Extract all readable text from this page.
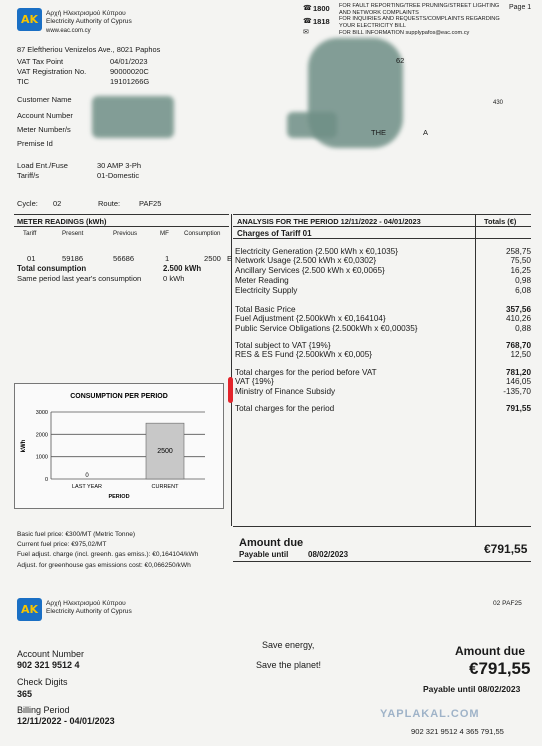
AK	Αρχή Ηλεκτρισμού Κύπρου
Electricity Authority of Cyprus
www.eac.com.cy
☎ 1800 FOR FAULT REPORTING/TREE PRUNING/STREET LIGHTING AND NETWORK COMPLAINTS
☎ 1818 FOR INQUIRIES AND REQUESTS/COMPLAINTS REGARDING YOUR ELECTRICITY BILL
✉	FOR BILL INFORMATION supplypafos@eac.com.cy
Page 1
87 Eleftheriou Venizelos Ave., 8021 Paphos
VAT Tax Point	04/01/2023
VAT Registration No.	90000020C
TIC	19101266G
Customer Name
Account Number
Meter Number/s
Premise Id
Load Ent./Fuse	30 AMP 3-Ph
Tariff/s	01-Domestic
62
THE	A
430
Cycle: 02	Route:	PAF25
METER READINGS (kWh)
Tariff	Present	Previous	MF Consumption
01	59186	56686	1	2500 E
Total consumption	2.500 kWh
Same period last year's consumption	0 kWh
ANALYSIS FOR THE PERIOD 12/11/2022 - 04/01/2023	Totals (€)
Charges of Tariff 01
Electricity Generation {2.500 kWh x €0,1035}	258,75
Network Usage {2.500 kWh x €0,0302}	75,50
Ancillary Services {2.500 kWh x €0,0065}	16,25
Meter Reading	0,98
Electricity Supply	6,08
Total Basic Price	357,56
Fuel Adjustment {2.500kWh x €0,164104}	410,26
Public Service Obligations {2.500kWh x €0,00035}	0,88
Total subject to VAT {19%}	768,70
RES & ES Fund {2.500kWh x €0,005}	12,50
Total charges for the period before VAT	781,20
VAT {19%}	146,05
Ministry of Finance Subsidy	-135,70
Total charges for the period	791,55
CONSUMPTION PER PERIOD
3000
2000
1000
0
kWh
0
LAST YEAR
2500
CURRENT
PERIOD
Basic fuel price: €300/MT (Metric Tonne)
Current fuel price: €975,02/MT
Fuel adjust. charge (incl. greenh. gas emiss.): €0,164104/kWh
Adjust. for greenhouse gas emissions cost: €0,066250/kWh
Amount due
Payable until 08/02/2023	€791,55
AK	Αρχή Ηλεκτρισμού Κύπρου
Electricity Authority of Cyprus
02 PAF25
Account Number
902 321 9512 4
Check Digits
365
Billing Period
12/11/2022 - 04/01/2023
Save energy,
Save the planet!
Amount due
€791,55
Payable until 08/02/2023
YAPLAKAL.COM
902 321 9512 4 365 791,55
